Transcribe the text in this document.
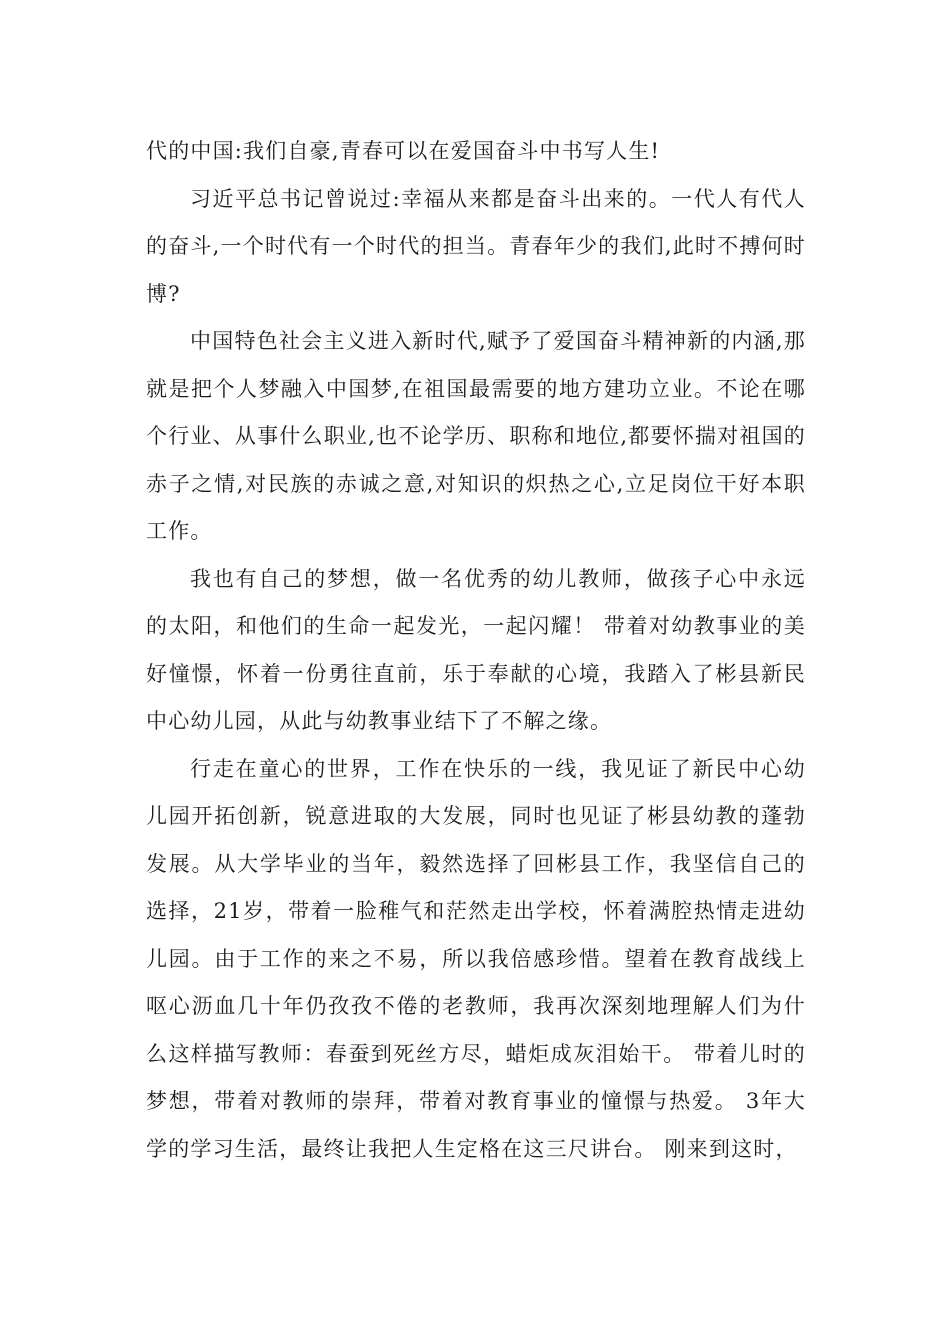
代的中国:我们自豪,青春可以在爱国奋斗中书写人生!

习近平总书记曾说过:幸福从来都是奋斗出来的。一代人有代人的奋斗,一个时代有一个时代的担当。青春年少的我们,此时不搏何时博?

中国特色社会主义进入新时代,赋予了爱国奋斗精神新的内涵,那就是把个人梦融入中国梦,在祖国最需要的地方建功立业。不论在哪个行业、从事什么职业,也不论学历、职称和地位,都要怀揣对祖国的赤子之情,对民族的赤诚之意,对知识的炽热之心,立足岗位干好本职工作。

我也有自己的梦想，做一名优秀的幼儿教师，做孩子心中永远的太阳，和他们的生命一起发光，一起闪耀！ 带着对幼教事业的美好憧憬，怀着一份勇往直前，乐于奉献的心境，我踏入了彬县新民中心幼儿园，从此与幼教事业结下了不解之缘。

行走在童心的世界，工作在快乐的一线，我见证了新民中心幼儿园开拓创新，锐意进取的大发展，同时也见证了彬县幼教的蓬勃发展。从大学毕业的当年，毅然选择了回彬县工作，我坚信自己的选择，21岁，带着一脸稚气和茫然走出学校，怀着满腔热情走进幼儿园。由于工作的来之不易，所以我倍感珍惜。望着在教育战线上呕心沥血几十年仍孜孜不倦的老教师，我再次深刻地理解人们为什么这样描写教师：春蚕到死丝方尽，蜡炬成灰泪始干。 带着儿时的梦想，带着对教师的崇拜，带着对教育事业的憧憬与热爱。 3年大学的学习生活，最终让我把人生定格在这三尺讲台。 刚来到这时，
